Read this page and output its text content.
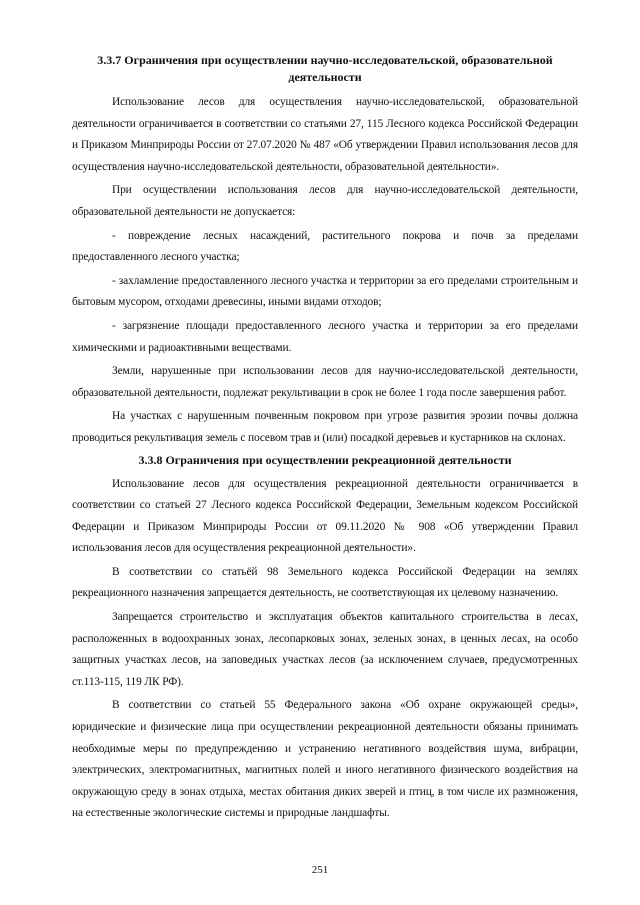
3.3.7 Ограничения при осуществлении научно-исследовательской, образовательной деятельности

Использование лесов для осуществления научно-исследовательской, образовательной деятельности ограничивается в соответствии со статьями 27, 115 Лесного кодекса Российской Федерации и Приказом Минприроды России от 27.07.2020 № 487 «Об утверждении Правил использования лесов для осуществления научно-исследовательской деятельности, образовательной деятельности».

При осуществлении использования лесов для научно-исследовательской деятельности, образовательной деятельности не допускается:

- повреждение лесных насаждений, растительного покрова и почв за пределами предоставленного лесного участка;

- захламление предоставленного лесного участка и территории за его пределами строительным и бытовым мусором, отходами древесины, иными видами отходов;

- загрязнение площади предоставленного лесного участка и территории за его пределами химическими и радиоактивными веществами.

Земли, нарушенные при использовании лесов для научно-исследовательской деятельности, образовательной деятельности, подлежат рекультивации в срок не более 1 года после завершения работ.

На участках с нарушенным почвенным покровом при угрозе развития эрозии почвы должна проводиться рекультивация земель с посевом трав и (или) посадкой деревьев и кустарников на склонах.

3.3.8 Ограничения при осуществлении рекреационной деятельности

Использование лесов для осуществления рекреационной деятельности ограничивается в соответствии со статьей 27 Лесного кодекса Российской Федерации, Земельным кодексом Российской Федерации и Приказом Минприроды России от 09.11.2020 № 908 «Об утверждении Правил использования лесов для осуществления рекреационной деятельности».

В соответствии со статьёй 98 Земельного кодекса Российской Федерации на землях рекреационного назначения запрещается деятельность, не соответствующая их целевому назначению.

Запрещается строительство и эксплуатация объектов капитального строительства в лесах, расположенных в водоохранных зонах, лесопарковых зонах, зеленых зонах, в ценных лесах, на особо защитных участках лесов, на заповедных участках лесов (за исключением случаев, предусмотренных ст.113-115, 119 ЛК РФ).

В соответствии со статьей 55 Федерального закона «Об охране окружающей среды», юридические и физические лица при осуществлении рекреационной деятельности обязаны принимать необходимые меры по предупреждению и устранению негативного воздействия шума, вибрации, электрических, электромагнитных, магнитных полей и иного негативного физического воздействия на окружающую среду в зонах отдыха, местах обитания диких зверей и птиц, в том числе их размножения, на естественные экологические системы и природные ландшафты.

251
